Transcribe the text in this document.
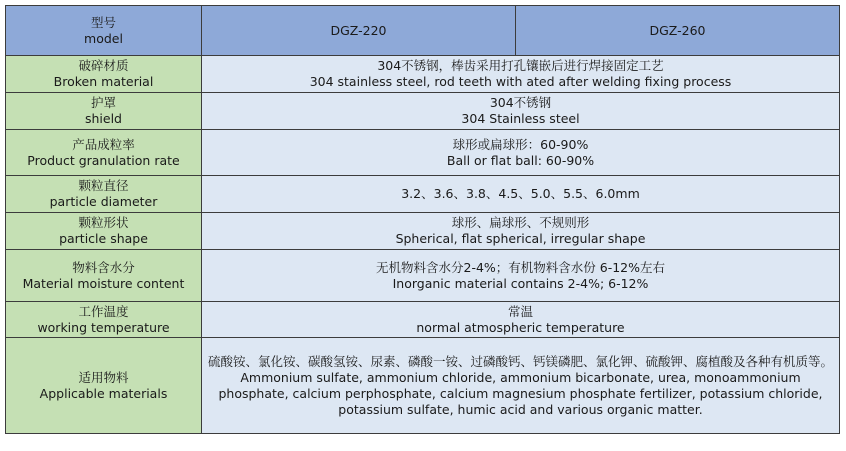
型号
model	DGZ-220	DGZ-260

破碎材质
Broken material	304不锈钢，棒齿采用打孔镶嵌后进行焊接固定工艺
304 stainless steel, rod teeth with ated after welding fixing process	

护罩
shield	304不锈钢
304 Stainless steel	

产品成粒率
Product granulation rate	球形或扁球形：60-90%
Ball or flat ball: 60-90%	

颗粒直径
particle diameter	3.2、3.6、3.8、4.5、5.0、5.5、6.0mm	

颗粒形状
particle shape	球形、扁球形、不规则形
Spherical, flat spherical, irregular shape	

物料含水分
Material moisture content	无机物料含水分2-4%；有机物料含水份 6-12%左右
Inorganic material contains 2-4%; 6-12%	

工作温度
working temperature	常温
normal atmospheric temperature	

适用物料
Applicable materials	硫酸铵、氯化铵、碳酸氢铵、尿素、磷酸一铵、过磷酸钙、钙镁磷肥、氯化钾、硫酸钾、腐植酸及各种有机质等。Ammonium sulfate, ammonium chloride, ammonium bicarbonate, urea, monoammonium phosphate, calcium perphosphate, calcium magnesium phosphate fertilizer, potassium chloride, potassium sulfate, humic acid and various organic matter.	
